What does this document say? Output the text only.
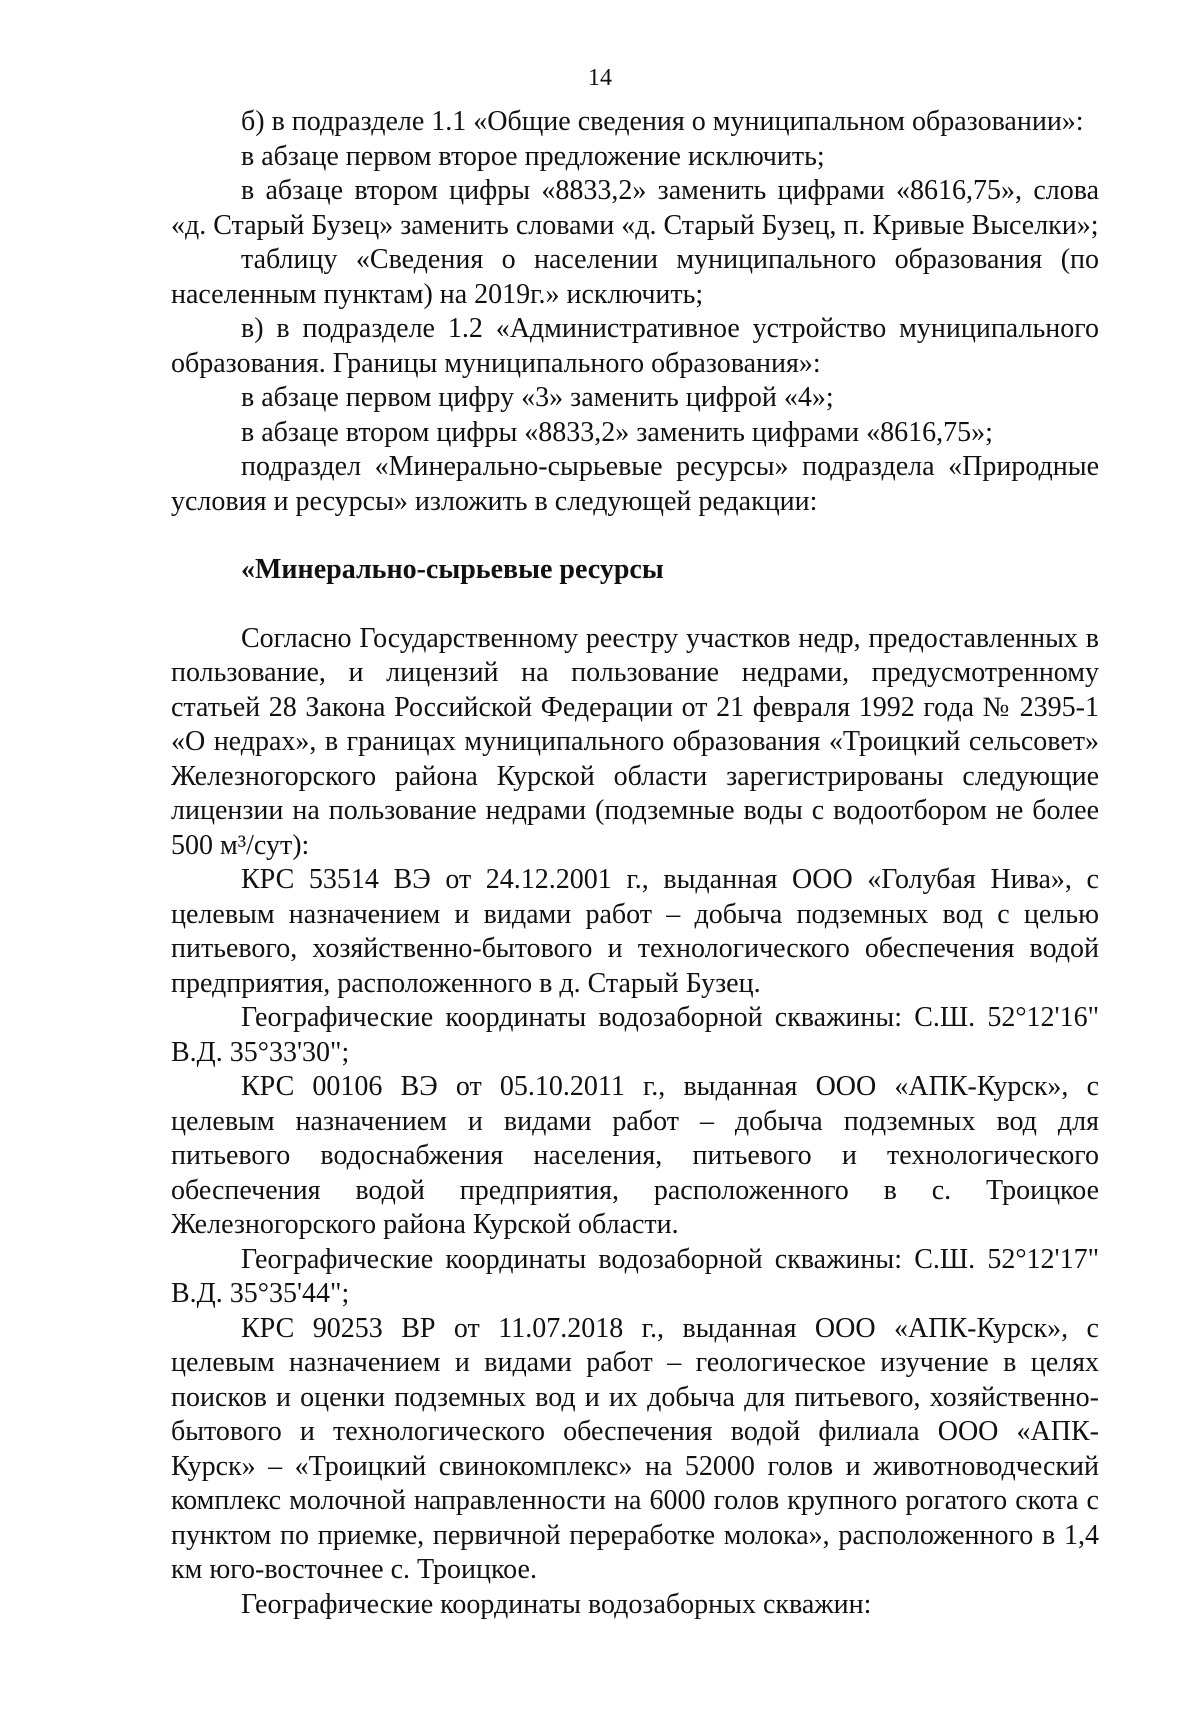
14

б) в подразделе 1.1 «Общие сведения о муниципальном образовании»:

в абзаце первом второе предложение исключить;

в абзаце втором цифры «8833,2» заменить цифрами «8616,75», слова «д. Старый Бузец» заменить словами «д. Старый Бузец, п. Кривые Выселки»;

таблицу «Сведения о населении муниципального образования (по населенным пунктам) на 2019г.» исключить;

в) в подразделе 1.2 «Административное устройство муниципального образования. Границы муниципального образования»:

в абзаце первом цифру «3» заменить цифрой «4»;

в абзаце втором цифры «8833,2» заменить цифрами «8616,75»;

подраздел «Минерально-сырьевые ресурсы» подраздела «Природные условия и ресурсы» изложить в следующей редакции:

«Минерально-сырьевые ресурсы

Согласно Государственному реестру участков недр, предоставленных в пользование, и лицензий на пользование недрами, предусмотренному статьей 28 Закона Российской Федерации от 21 февраля 1992 года № 2395-1 «О недрах», в границах муниципального образования «Троицкий сельсовет» Железногорского района Курской области зарегистрированы следующие лицензии на пользование недрами (подземные воды с водоотбором не более 500 м³/сут):

КРС 53514 ВЭ от 24.12.2001 г., выданная ООО «Голубая Нива», с целевым назначением и видами работ – добыча подземных вод с целью питьевого, хозяйственно-бытового и технологического обеспечения водой предприятия, расположенного в д. Старый Бузец.

Географические координаты водозаборной скважины: С.Ш. 52°12'16" В.Д. 35°33'30";

КРС 00106 ВЭ от 05.10.2011 г., выданная ООО «АПК-Курск», с целевым назначением и видами работ – добыча подземных вод для питьевого водоснабжения населения, питьевого и технологического обеспечения водой предприятия, расположенного в с. Троицкое Железногорского района Курской области.

Географические координаты водозаборной скважины: С.Ш. 52°12'17" В.Д. 35°35'44";

КРС 90253 ВР от 11.07.2018 г., выданная ООО «АПК-Курск», с целевым назначением и видами работ – геологическое изучение в целях поисков и оценки подземных вод и их добыча для питьевого, хозяйственно-бытового и технологического обеспечения водой филиала ООО «АПК-Курск» – «Троицкий свинокомплекс» на 52000 голов и животноводческий комплекс молочной направленности на 6000 голов крупного рогатого скота с пунктом по приемке, первичной переработке молока», расположенного в 1,4 км юго-восточнее с. Троицкое.

Географические координаты водозаборных скважин:
